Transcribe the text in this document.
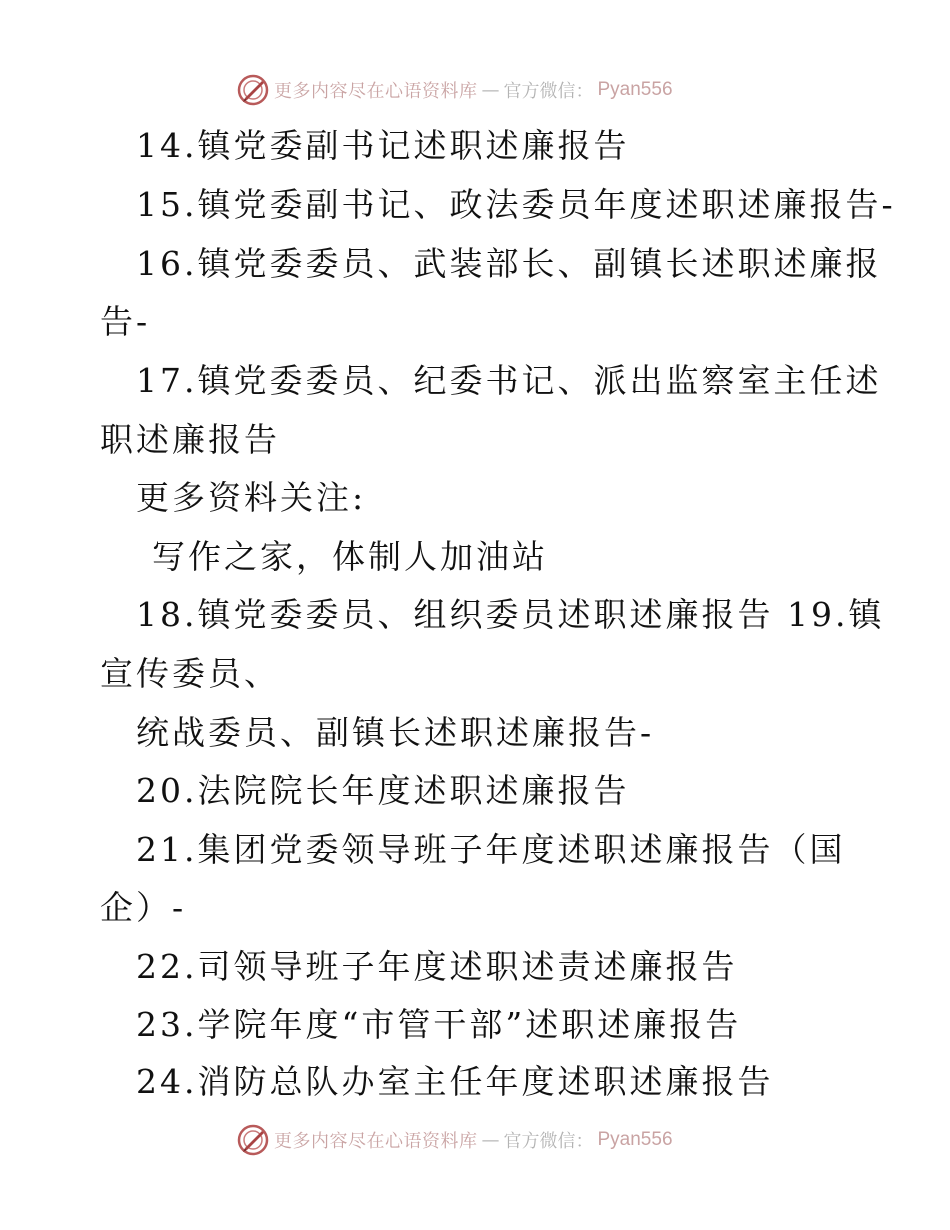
更多内容尽在心语资料库 — 官方微信： Pyan556
14.镇党委副书记述职述廉报告
15.镇党委副书记、政法委员年度述职述廉报告-
16.镇党委委员、武装部长、副镇长述职述廉报
告-
17.镇党委委员、纪委书记、派出监察室主任述
职述廉报告
更多资料关注:
写作之家，体制人加油站
18.镇党委委员、组织委员述职述廉报告 19.镇
宣传委员、
统战委员、副镇长述职述廉报告-
20.法院院长年度述职述廉报告
21.集团党委领导班子年度述职述廉报告（国
企）-
22.司领导班子年度述职述责述廉报告
23.学院年度“市管干部”述职述廉报告
24.消防总队办室主任年度述职述廉报告
更多内容尽在心语资料库 — 官方微信： Pyan556
